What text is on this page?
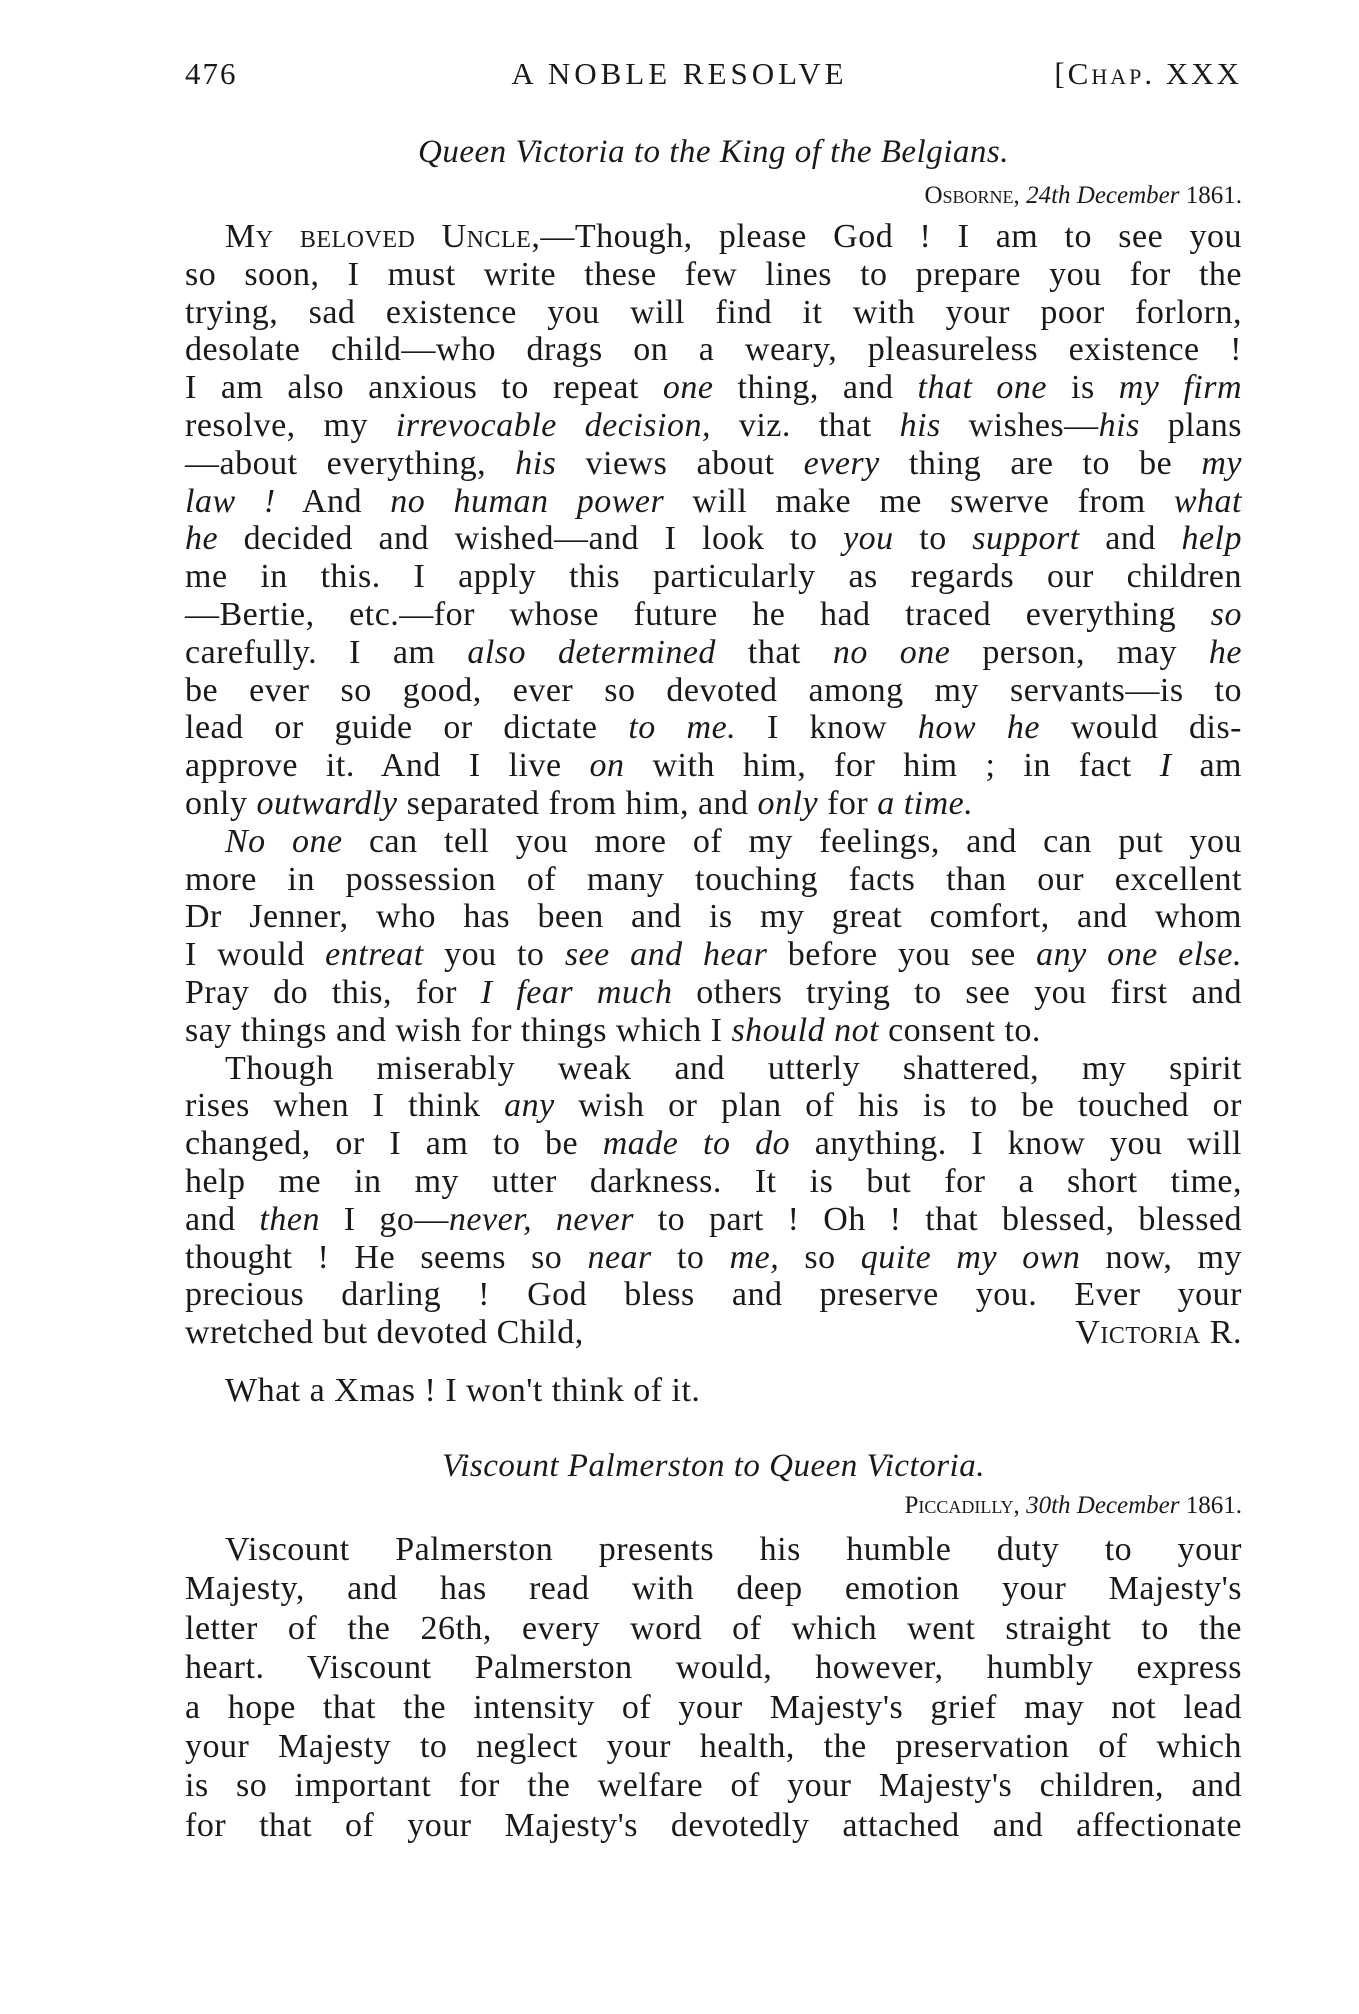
476	A NOBLE RESOLVE	[Chap. XXX
Queen Victoria to the King of the Belgians.
Osborne, 24th December 1861.
My beloved Uncle,—Though, please God ! I am to see you
so soon, I must write these few lines to prepare you for the
trying, sad existence you will find it with your poor forlorn,
desolate child—who drags on a weary, pleasureless existence !
I am also anxious to repeat one thing, and that one is my firm
resolve, my irrevocable decision, viz. that his wishes—his plans
—about everything, his views about every thing are to be my
law ! And no human power will make me swerve from what
he decided and wished—and I look to you to support and help
me in this. I apply this particularly as regards our children
—Bertie, etc.—for whose future he had traced everything so
carefully. I am also determined that no one person, may he
be ever so good, ever so devoted among my servants—is to
lead or guide or dictate to me. I know how he would dis-
approve it. And I live on with him, for him ; in fact I am
only outwardly separated from him, and only for a time.
No one can tell you more of my feelings, and can put you
more in possession of many touching facts than our excellent
Dr Jenner, who has been and is my great comfort, and whom
I would entreat you to see and hear before you see any one else.
Pray do this, for I fear much others trying to see you first and
say things and wish for things which I should not consent to.
Though miserably weak and utterly shattered, my spirit
rises when I think any wish or plan of his is to be touched or
changed, or I am to be made to do anything. I know you will
help me in my utter darkness. It is but for a short time,
and then I go—never, never to part ! Oh ! that blessed, blessed
thought ! He seems so near to me, so quite my own now, my
precious darling ! God bless and preserve you. Ever your
Victoria R.
wretched but devoted Child,
What a Xmas ! I won't think of it.
Viscount Palmerston to Queen Victoria.
Piccadilly, 30th December 1861.
Viscount Palmerston presents his humble duty to your
Majesty, and has read with deep emotion your Majesty's
letter of the 26th, every word of which went straight to the
heart. Viscount Palmerston would, however, humbly express
a hope that the intensity of your Majesty's grief may not lead
your Majesty to neglect your health, the preservation of which
is so important for the welfare of your Majesty's children, and
for that of your Majesty's devotedly attached and affectionate
